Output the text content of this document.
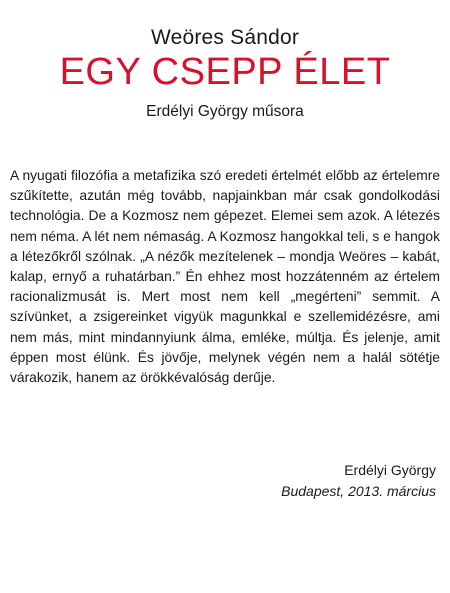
Weöres Sándor
EGY CSEPP ÉLET
Erdélyi György műsora

A nyugati filozófia a metafizika szó eredeti értelmét előbb az értelemre szűkítette, azután még tovább, napjainkban már csak gondolkodási technológia. De a Kozmosz nem gépezet. Elemei sem azok. A létezés nem néma. A lét nem némaság. A Kozmosz hangokkal teli, s e hangok a létezőkről szólnak. „A nézők mezítelenek – mondja Weöres – kabát, kalap, ernyő a ruhatárban.” Én ehhez most hozzátenném az értelem racionalizmusát is. Mert most nem kell „megérteni” semmit. A szívünket, a zsigereinket vigyük magunkkal e szellemidézésre, ami nem más, mint mindannyiunk álma, emléke, múltja. És jelenje, amit éppen most élünk. És jövője, melynek végén nem a halál sötétje várakozik, hanem az örökkévalóság derűje.

Erdélyi György
Budapest, 2013. március
